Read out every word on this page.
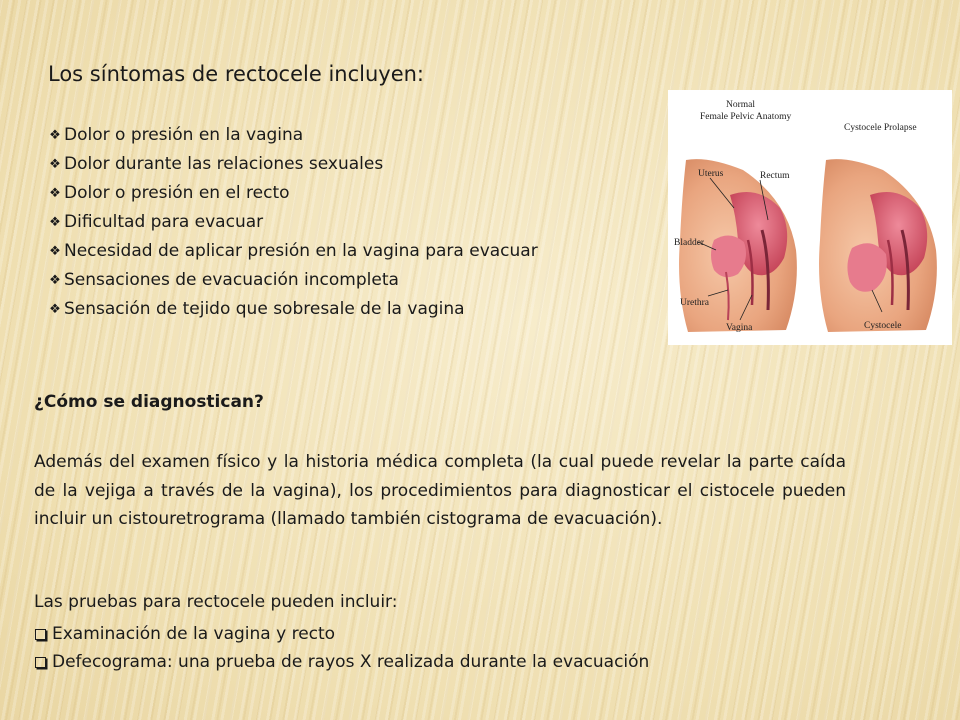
Los síntomas de rectocele incluyen:
❖ Dolor o presión en la vagina
❖ Dolor durante las relaciones sexuales
❖ Dolor o presión en el recto
❖ Dificultad para evacuar
❖ Necesidad de aplicar presión en la vagina para evacuar
❖ Sensaciones de evacuación incompleta
❖ Sensación de tejido que sobresale de la vagina
Normal
Female Pelvic Anatomy
Cystocele Prolapse
Uterus	Rectum
Bladder
Urethra
Vagina	Cystocele

¿Cómo se diagnostican?

Además del examen físico y la historia médica completa (la cual puede revelar la parte caída de la vejiga a través de la vagina), los procedimientos para diagnosticar el cistocele pueden incluir un cistouretrograma (llamado también cistograma de evacuación).

Las pruebas para rectocele pueden incluir:

Examinación de la vagina y recto
Defecograma: una prueba de rayos X realizada durante la evacuación
